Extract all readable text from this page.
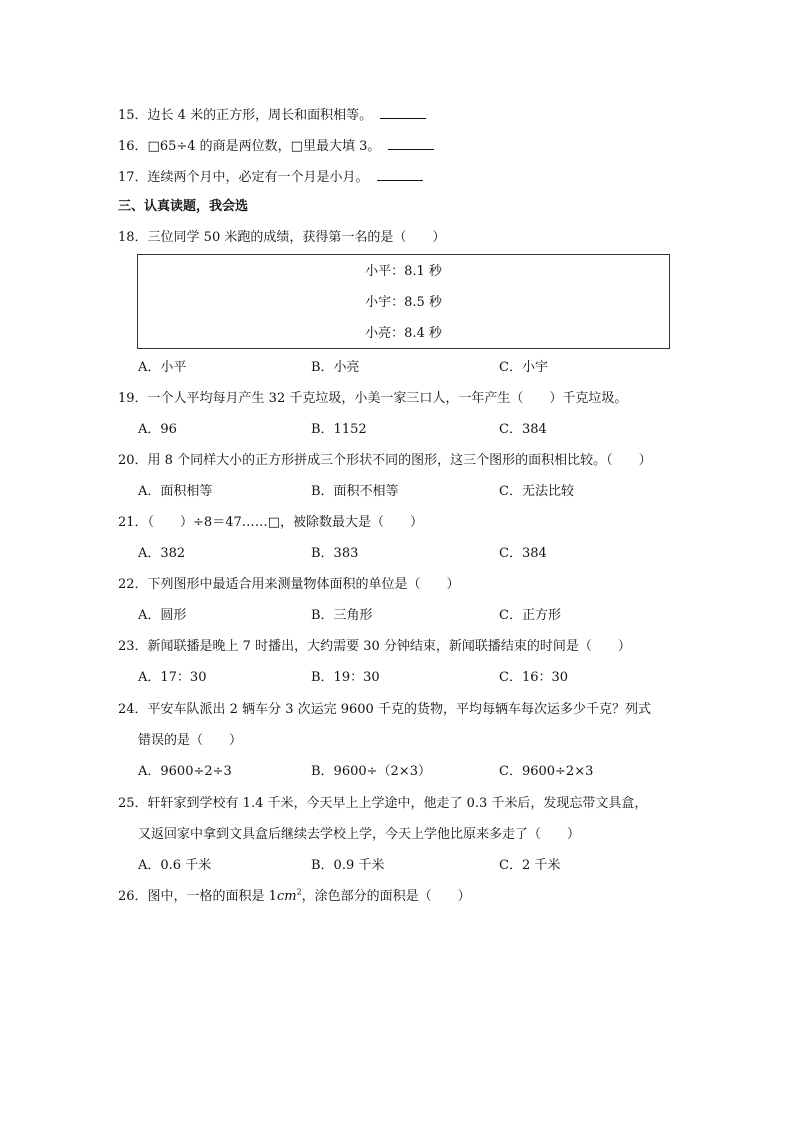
15．边长 4 米的正方形，周长和面积相等。
16．□65÷4 的商是两位数，□里最大填 3。
17．连续两个月中，必定有一个月是小月。
三、认真读题，我会选
18．三位同学 50 米跑的成绩，获得第一名的是（　　）
小平：8.1 秒
小宇：8.5 秒
小亮：8.4 秒
A．小平	B．小亮	C．小宇
19．一个人平均每月产生 32 千克垃圾，小美一家三口人，一年产生（　　）千克垃圾。
A．96	B．1152	C．384
20．用 8 个同样大小的正方形拼成三个形状不同的图形，这三个图形的面积相比较。（　　）
A．面积相等	B．面积不相等	C．无法比较
21．（　　）÷8＝47……□，被除数最大是（　　）
A．382	B．383	C．384
22．下列图形中最适合用来测量物体面积的单位是（　　）
A．圆形	B．三角形	C．正方形
23．新闻联播是晚上 7 时播出，大约需要 30 分钟结束，新闻联播结束的时间是（　　）
A．17：30	B．19：30	C．16：30
24．平安车队派出 2 辆车分 3 次运完 9600 千克的货物，平均每辆车每次运多少千克？列式
错误的是（　　）
A．9600÷2÷3	B．9600÷（2×3）	C．9600÷2×3
25．轩轩家到学校有 1.4 千米，今天早上上学途中，他走了 0.3 千米后，发现忘带文具盒，
又返回家中拿到文具盒后继续去学校上学，今天上学他比原来多走了（　　）
A．0.6 千米	B．0.9 千米	C．2 千米
26．图中，一格的面积是 $1cm^2$，涂色部分的面积是（　　）
